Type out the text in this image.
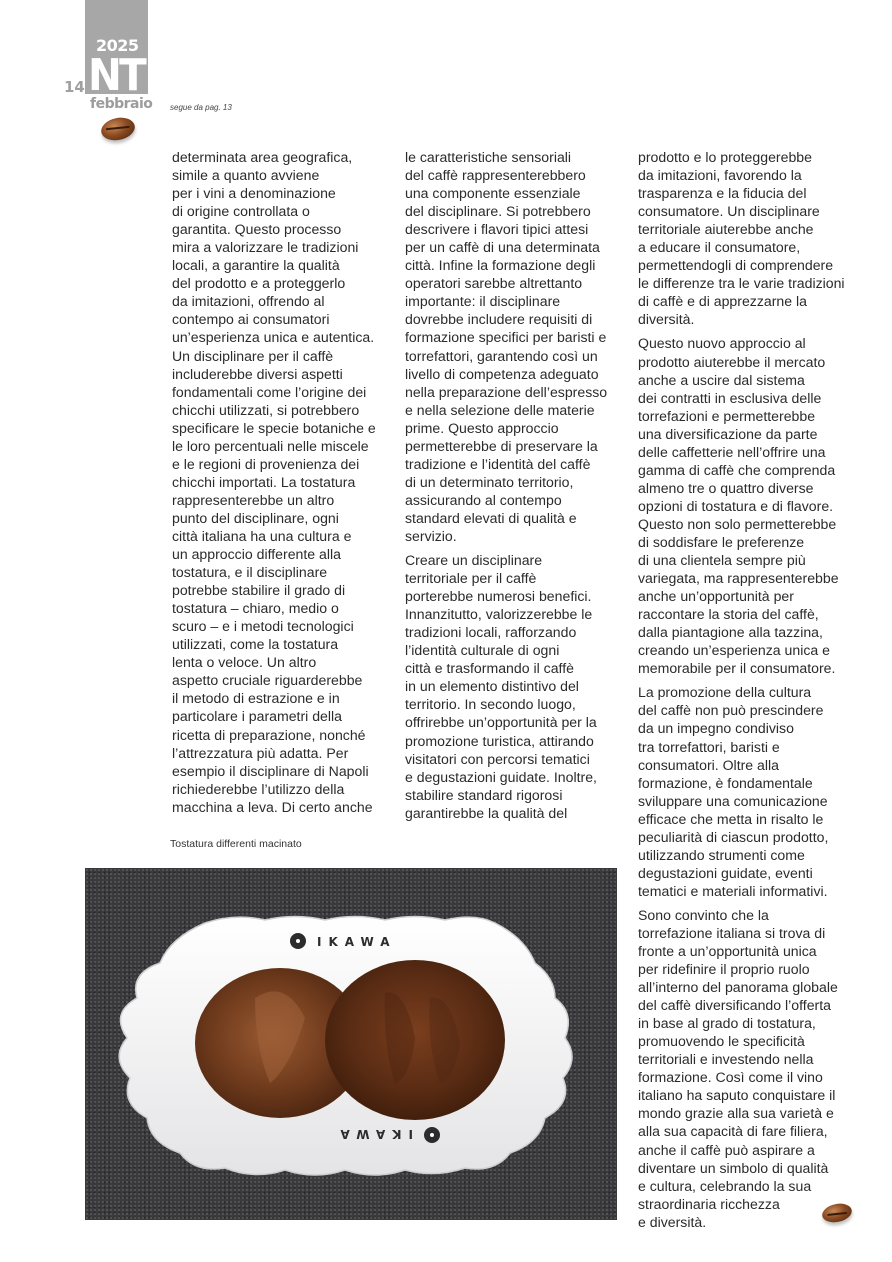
2025
NT
14
febbraio segue da pag. 13

determinata area geografica,
simile a quanto avviene
per i vini a denominazione
di origine controllata o
garantita. Questo processo
mira a valorizzare le tradizioni
locali, a garantire la qualità
del prodotto e a proteggerlo
da imitazioni, offrendo al
contempo ai consumatori
un’esperienza unica e autentica.
Un disciplinare per il caffè
includerebbe diversi aspetti
fondamentali come l’origine dei
chicchi utilizzati, si potrebbero
specificare le specie botaniche e
le loro percentuali nelle miscele
e le regioni di provenienza dei
chicchi importati. La tostatura
rappresenterebbe un altro
punto del disciplinare, ogni
città italiana ha una cultura e
un approccio differente alla
tostatura, e il disciplinare
potrebbe stabilire il grado di
tostatura – chiaro, medio o
scuro – e i metodi tecnologici
utilizzati, come la tostatura
lenta o veloce. Un altro
aspetto cruciale riguarderebbe
il metodo di estrazione e in
particolare i parametri della
ricetta di preparazione, nonché
l’attrezzatura più adatta. Per
esempio il disciplinare di Napoli
richiederebbe l’utilizzo della
macchina a leva. Di certo anche

le caratteristiche sensoriali
del caffè rappresenterebbero
una componente essenziale
del disciplinare. Si potrebbero
descrivere i flavori tipici attesi
per un caffè di una determinata
città. Infine la formazione degli
operatori sarebbe altrettanto
importante: il disciplinare
dovrebbe includere requisiti di
formazione specifici per baristi e
torrefattori, garantendo così un
livello di competenza adeguato
nella preparazione dell’espresso
e nella selezione delle materie
prime. Questo approccio
permetterebbe di preservare la
tradizione e l’identità del caffè
di un determinato territorio,
assicurando al contempo
standard elevati di qualità e
servizio.

Creare un disciplinare
territoriale per il caffè
porterebbe numerosi benefici.
Innanzitutto, valorizzerebbe le
tradizioni locali, rafforzando
l’identità culturale di ogni
città e trasformando il caffè
in un elemento distintivo del
territorio. In secondo luogo,
offrirebbe un’opportunità per la
promozione turistica, attirando
visitatori con percorsi tematici
e degustazioni guidate. Inoltre,
stabilire standard rigorosi
garantirebbe la qualità del

prodotto e lo proteggerebbe
da imitazioni, favorendo la
trasparenza e la fiducia del
consumatore. Un disciplinare
territoriale aiuterebbe anche
a educare il consumatore,
permettendogli di comprendere
le differenze tra le varie tradizioni
di caffè e di apprezzarne la
diversità.

Questo nuovo approccio al
prodotto aiuterebbe il mercato
anche a uscire dal sistema
dei contratti in esclusiva delle
torrefazioni e permetterebbe
una diversificazione da parte
delle caffetterie nell’offrire una
gamma di caffè che comprenda
almeno tre o quattro diverse
opzioni di tostatura e di flavore.
Questo non solo permetterebbe
di soddisfare le preferenze
di una clientela sempre più
variegata, ma rappresenterebbe
anche un’opportunità per
raccontare la storia del caffè,
dalla piantagione alla tazzina,
creando un’esperienza unica e
memorabile per il consumatore.

La promozione della cultura
del caffè non può prescindere
da un impegno condiviso
tra torrefattori, baristi e
consumatori. Oltre alla
formazione, è fondamentale
sviluppare una comunicazione
efficace che metta in risalto le
peculiarità di ciascun prodotto,
utilizzando strumenti come
degustazioni guidate, eventi
tematici e materiali informativi.

Sono convinto che la
torrefazione italiana si trova di
fronte a un’opportunità unica
per ridefinire il proprio ruolo
all’interno del panorama globale
del caffè diversificando l’offerta
in base al grado di tostatura,
promuovendo le specificità
territoriali e investendo nella
formazione. Così come il vino
italiano ha saputo conquistare il
mondo grazie alla sua varietà e
alla sua capacità di fare filiera,
anche il caffè può aspirare a
diventare un simbolo di qualità
e cultura, celebrando la sua
straordinaria ricchezza
e diversità.

Tostatura differenti macinato
IKAWA
IKAWA
